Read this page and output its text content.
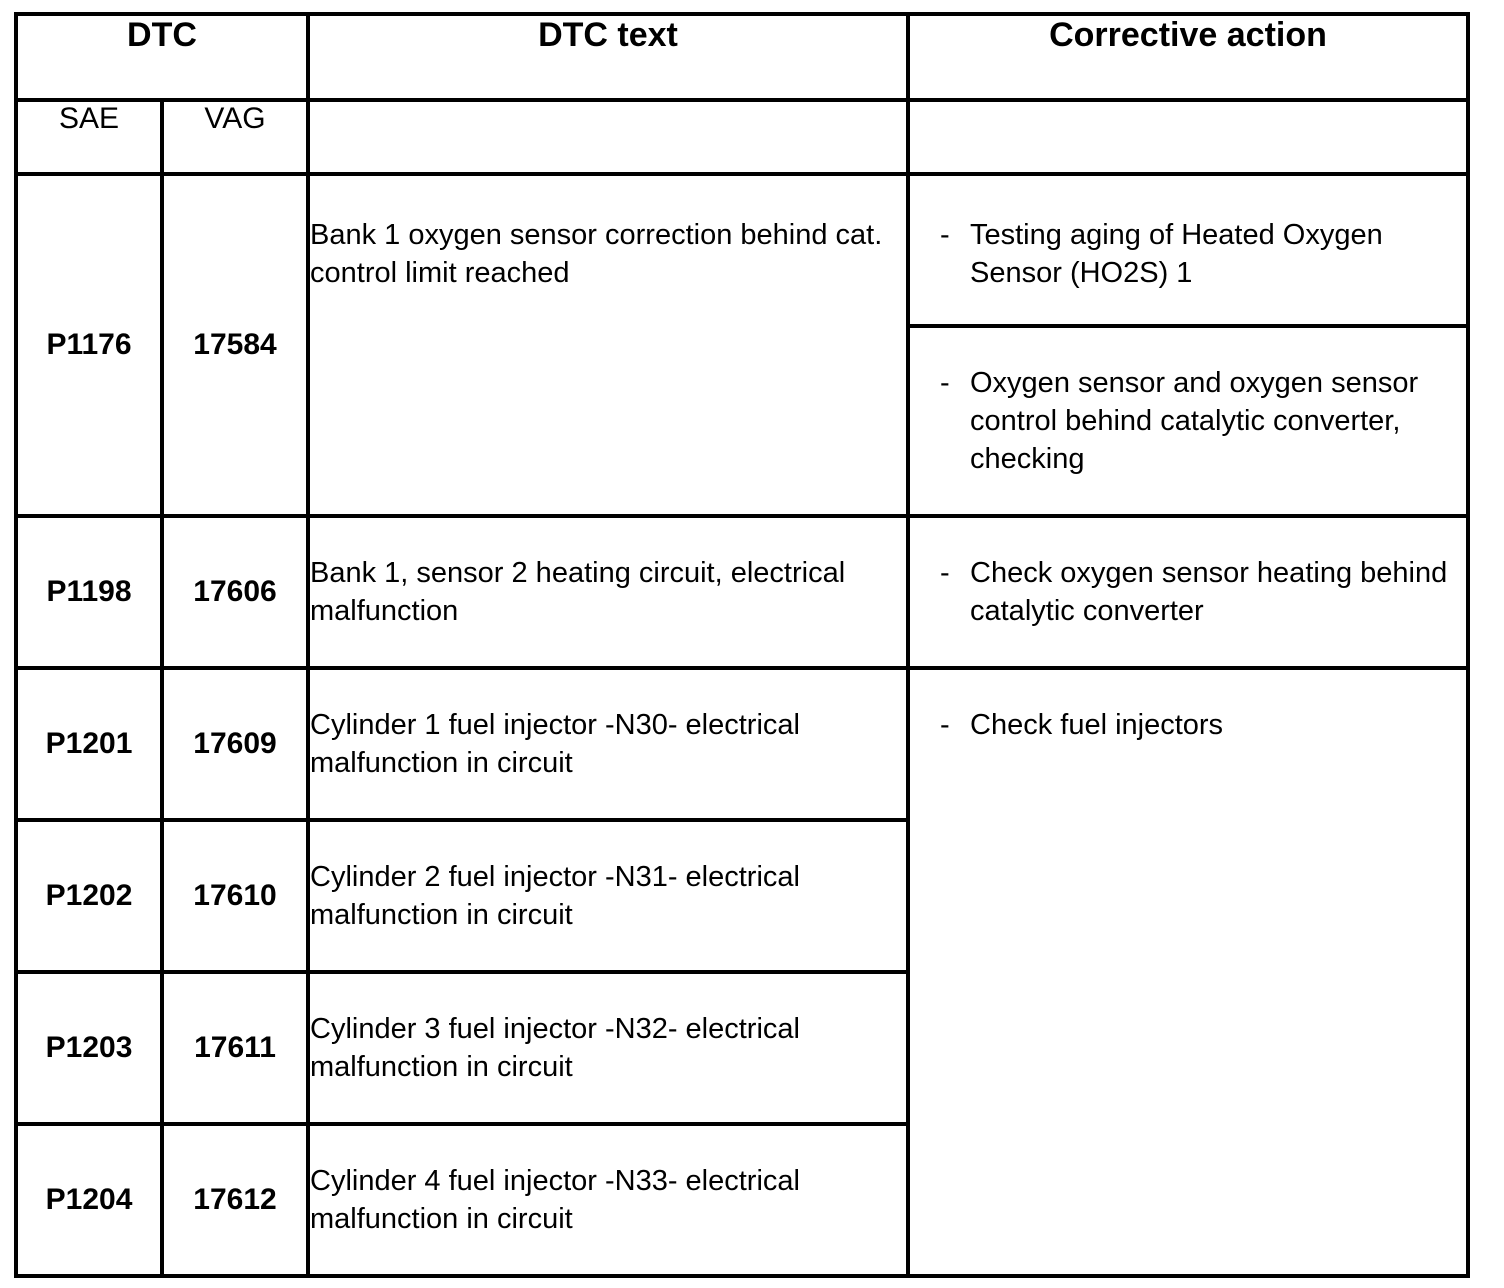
DTC		DTC text	Corrective action
SAE	VAG		
P1176	17584	Bank 1 oxygen sensor correction behind cat. control limit reached	- Testing aging of Heated Oxygen Sensor (HO2S) 1

			- Oxygen sensor and oxygen sensor control behind catalytic converter, checking

P1198	17606	Bank 1, sensor 2 heating circuit, electrical malfunction	- Check oxygen sensor heating behind catalytic converter

P1201	17609	Cylinder 1 fuel injector -N30- electrical malfunction in circuit	- Check fuel injectors

P1202	17610	Cylinder 2 fuel injector -N31- electrical malfunction in circuit	
P1203	17611	Cylinder 3 fuel injector -N32- electrical malfunction in circuit	
P1204	17612	Cylinder 4 fuel injector -N33- electrical malfunction in circuit	
